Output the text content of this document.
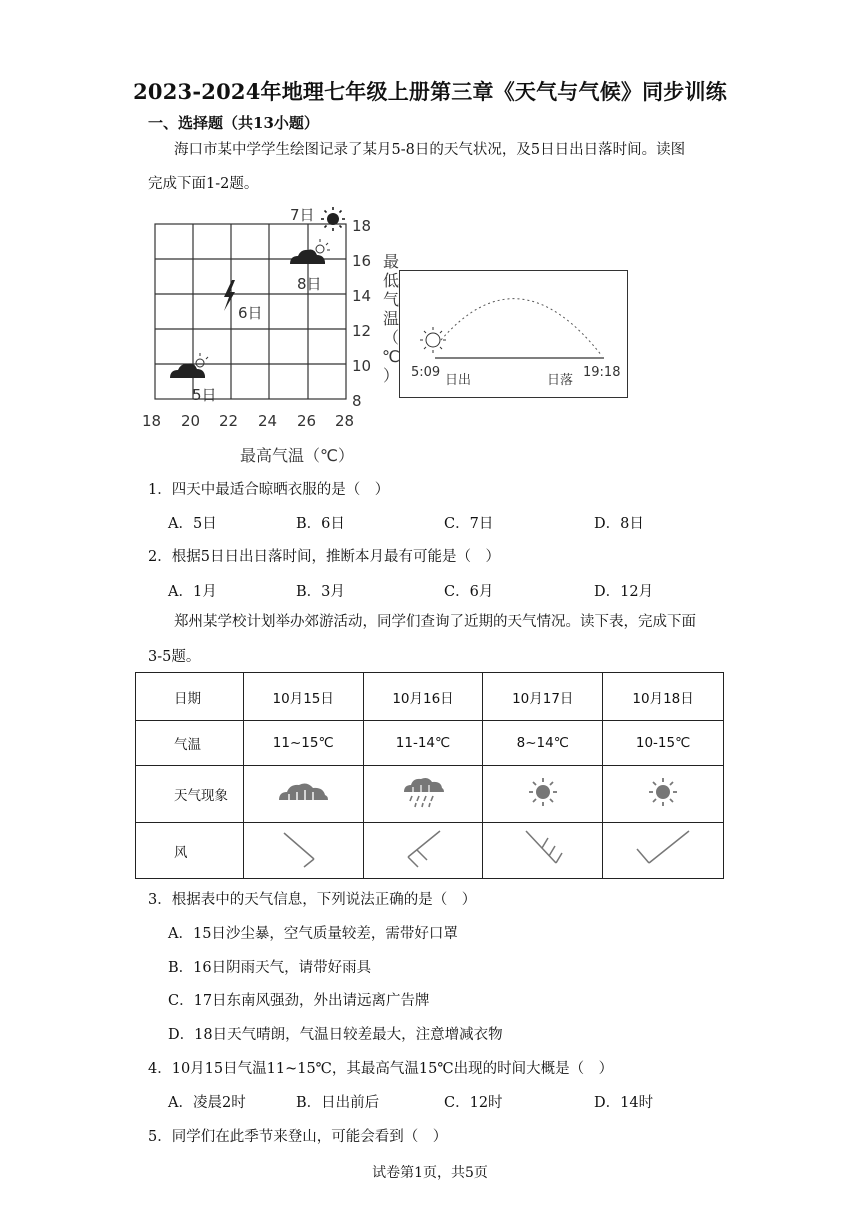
2023-2024年地理七年级上册第三章《天气与气候》同步训练
一、选择题（共13小题）
海口市某中学学生绘图记录了某月5-8日的天气状况，及5日日出日落时间。读图
完成下面1-2题。
18 20 22 24 26 28
8
10
12
14
16
18
最高气温（℃）
7日
8日
6日
5日
最
低
气
温
（
℃
） 5:09	19:18
日出	日落
1．四天中最适合晾晒衣服的是（　）
A．5日	B．6日	C．7日	D．8日
2．根据5日日出日落时间，推断本月最有可能是（　）
A．1月	B．3月	C．6月	D．12月
郑州某学校计划举办郊游活动，同学们查询了近期的天气情况。读下表，完成下面
3-5题。
日期	10月15日	10月16日	10月17日	10月18日
气温	11~15℃	11-14℃	8~14℃	10-15℃
天气现象				
风				
3．根据表中的天气信息，下列说法正确的是（　）
A．15日沙尘暴，空气质量较差，需带好口罩
B．16日阴雨天气，请带好雨具
C．17日东南风强劲，外出请远离广告牌
D．18日天气晴朗，气温日较差最大，注意增减衣物
4．10月15日气温11~15℃，其最高气温15℃出现的时间大概是（　）
A．凌晨2时	B．日出前后	C．12时	D．14时
5．同学们在此季节来登山，可能会看到（　）
试卷第1页，共5页
